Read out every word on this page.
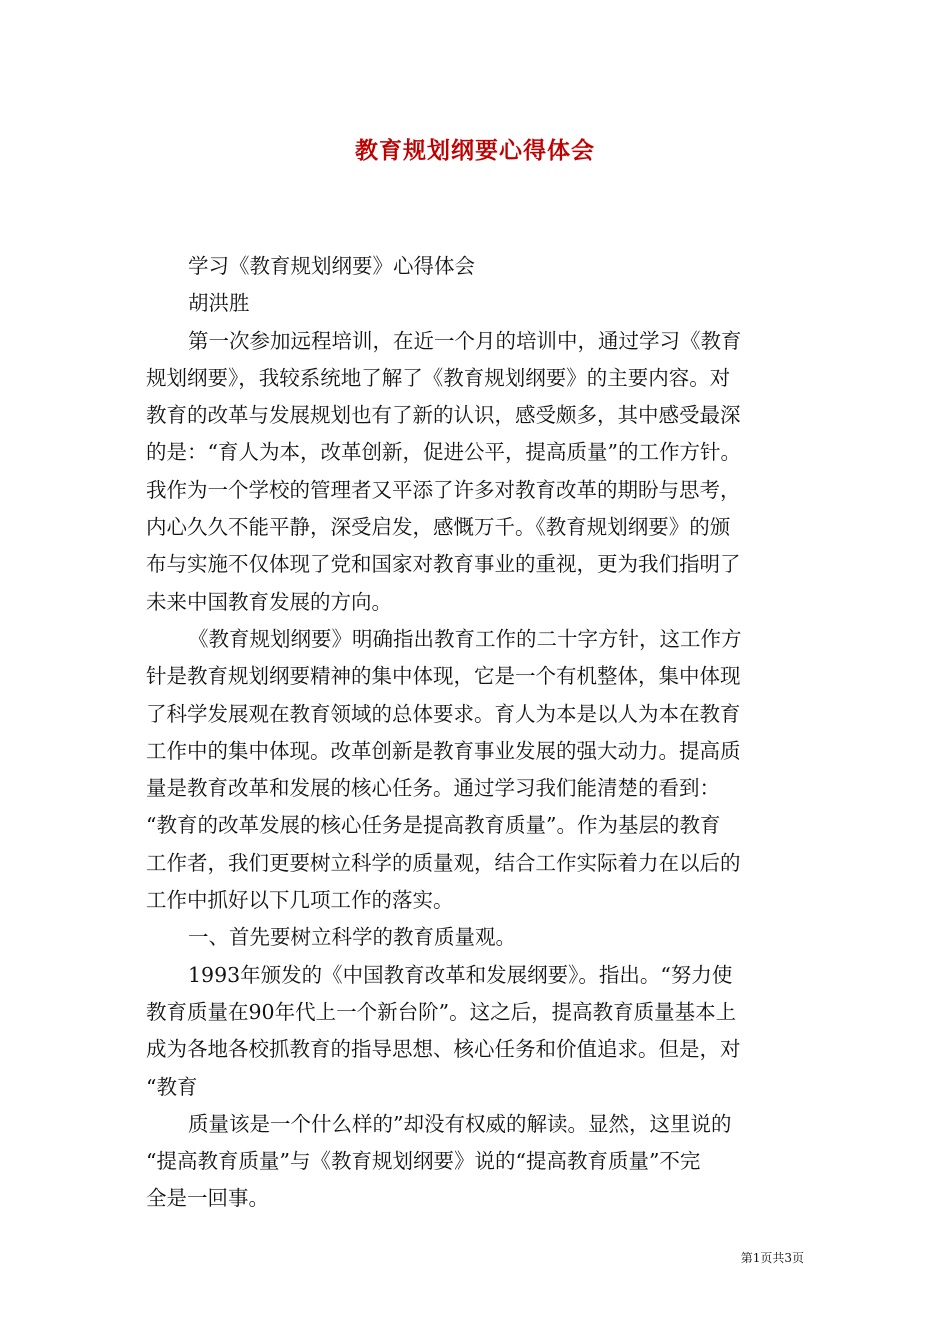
教育规划纲要心得体会
学习《教育规划纲要》心得体会
胡洪胜
第一次参加远程培训，在近一个月的培训中，通过学习《教育
规划纲要》，我较系统地了解了《教育规划纲要》的主要内容。对
教育的改革与发展规划也有了新的认识，感受颇多，其中感受最深
的是：“育人为本，改革创新，促进公平，提高质量”的工作方针。
我作为一个学校的管理者又平添了许多对教育改革的期盼与思考，
内心久久不能平静，深受启发，感慨万千。《教育规划纲要》的颁
布与实施不仅体现了党和国家对教育事业的重视，更为我们指明了
未来中国教育发展的方向。
《教育规划纲要》明确指出教育工作的二十字方针，这工作方
针是教育规划纲要精神的集中体现，它是一个有机整体，集中体现
了科学发展观在教育领域的总体要求。育人为本是以人为本在教育
工作中的集中体现。改革创新是教育事业发展的强大动力。提高质
量是教育改革和发展的核心任务。通过学习我们能清楚的看到：
“教育的改革发展的核心任务是提高教育质量”。作为基层的教育
工作者，我们更要树立科学的质量观，结合工作实际着力在以后的
工作中抓好以下几项工作的落实。
一、首先要树立科学的教育质量观。
1993年颁发的《中国教育改革和发展纲要》。指出。“努力使
教育质量在90年代上一个新台阶”。这之后，提高教育质量基本上
成为各地各校抓教育的指导思想、核心任务和价值追求。但是，对
“教育
质量该是一个什么样的”却没有权威的解读。显然，这里说的
“提高教育质量”与《教育规划纲要》说的“提高教育质量”不完
全是一回事。
第1页共3页
